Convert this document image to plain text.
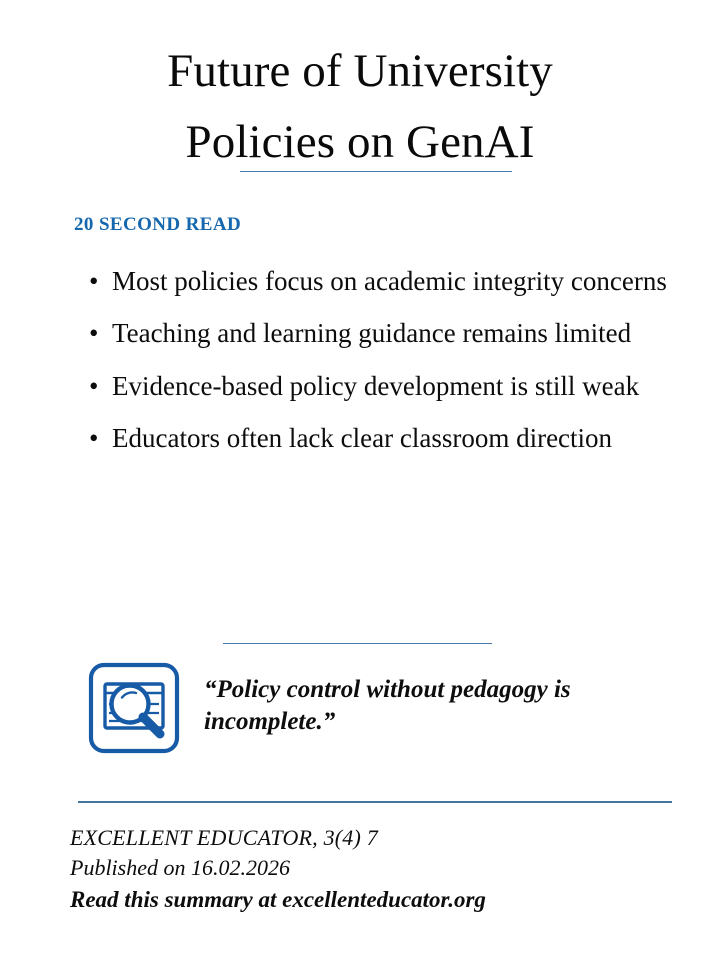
Future of University
Policies on GenAI
20 SECOND READ
• Most policies focus on academic integrity concerns
• Teaching and learning guidance remains limited
• Evidence-based policy development is still weak
• Educators often lack clear classroom direction
“Policy control without pedagogy is incomplete.”
EXCELLENT EDUCATOR, 3(4) 7
Published on 16.02.2026
Read this summary at excellenteducator.org
